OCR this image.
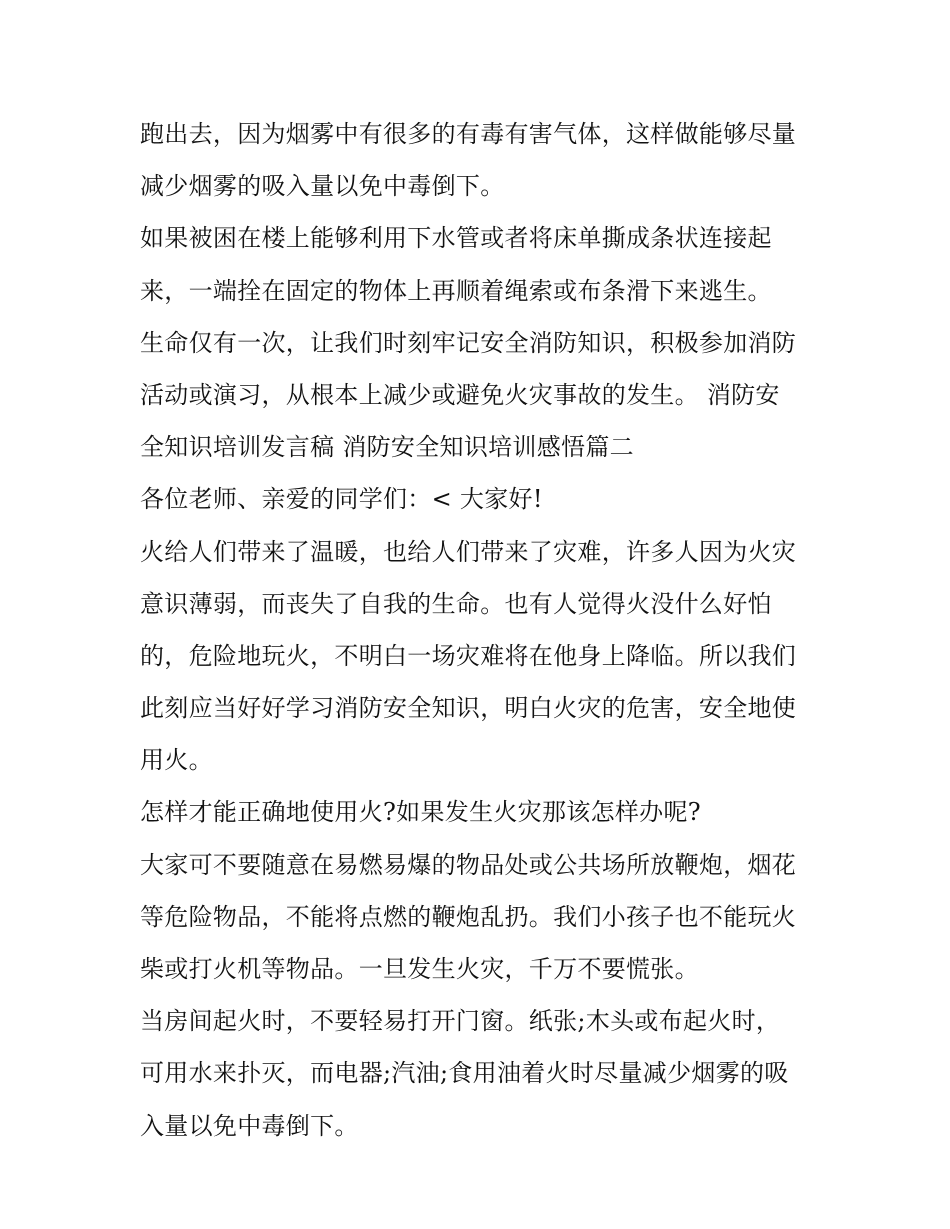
跑出去，因为烟雾中有很多的有毒有害气体，这样做能够尽量
减少烟雾的吸入量以免中毒倒下。
如果被困在楼上能够利用下水管或者将床单撕成条状连接起
来，一端拴在固定的物体上再顺着绳索或布条滑下来逃生。
生命仅有一次，让我们时刻牢记安全消防知识，积极参加消防
活动或演习，从根本上减少或避免火灾事故的发生。 消防安
全知识培训发言稿 消防安全知识培训感悟篇二
各位老师、亲爱的同学们：< 大家好!
火给人们带来了温暖，也给人们带来了灾难，许多人因为火灾
意识薄弱，而丧失了自我的生命。也有人觉得火没什么好怕
的，危险地玩火，不明白一场灾难将在他身上降临。所以我们
此刻应当好好学习消防安全知识，明白火灾的危害，安全地使
用火。
怎样才能正确地使用火?如果发生火灾那该怎样办呢?
大家可不要随意在易燃易爆的物品处或公共场所放鞭炮，烟花
等危险物品，不能将点燃的鞭炮乱扔。我们小孩子也不能玩火
柴或打火机等物品。一旦发生火灾，千万不要慌张。
当房间起火时，不要轻易打开门窗。纸张;木头或布起火时，
可用水来扑灭，而电器;汽油;食用油着火时尽量减少烟雾的吸
入量以免中毒倒下。
